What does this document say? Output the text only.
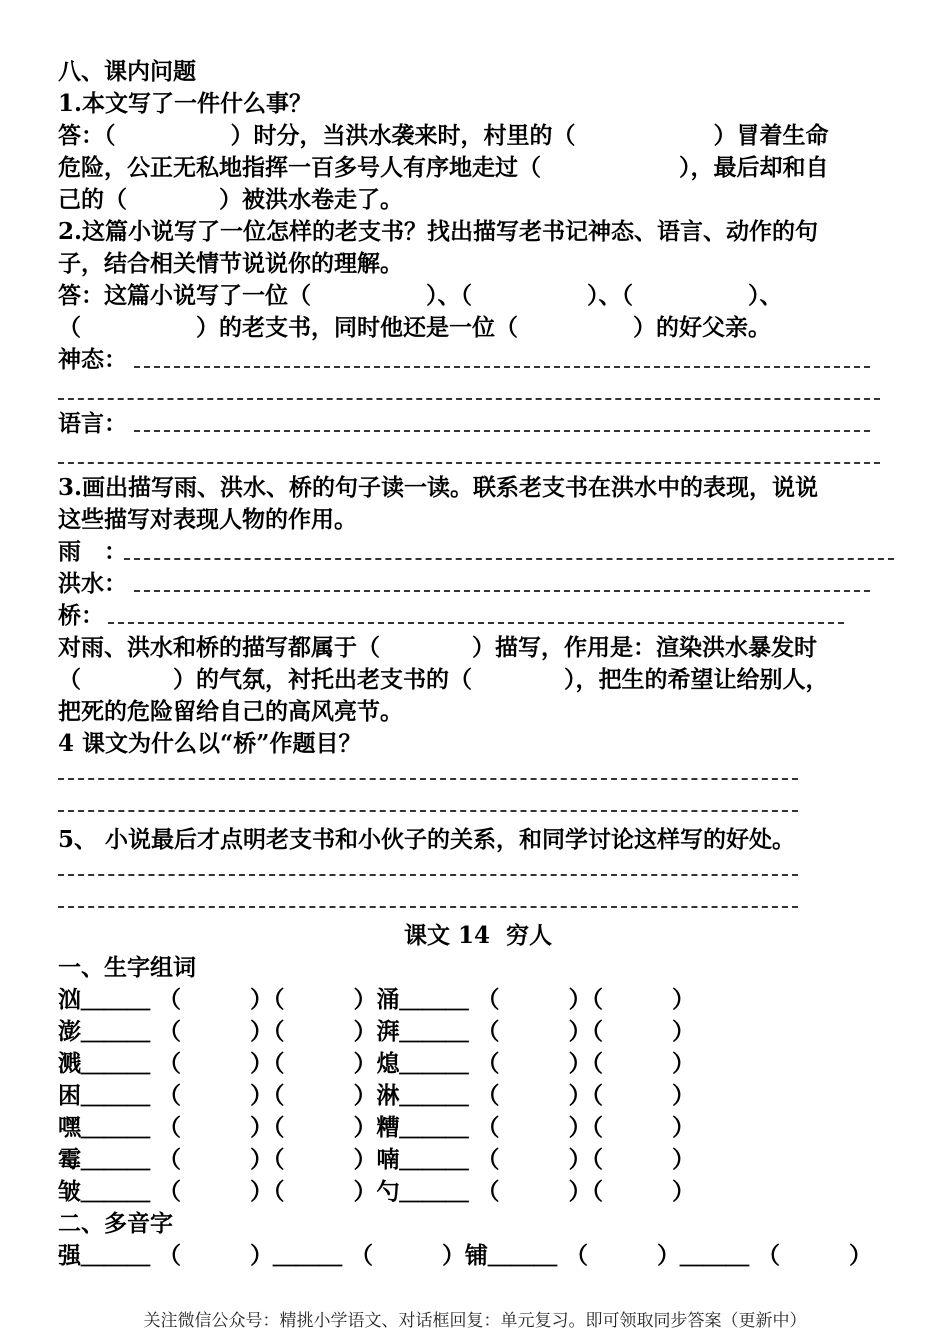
八、课内问题
1.本文写了一件什么事？
答：（　　　　　）时分，当洪水袭来时，村里的（　　　　　　）冒着生命
危险，公正无私地指挥一百多号人有序地走过（　　　　　　），最后却和自
己的（　　　　）被洪水卷走了。
2.这篇小说写了一位怎样的老支书？找出描写老书记神态、语言、动作的句
子，结合相关情节说说你的理解。
答：这篇小说写了一位（　　　　　）、（　　　　　）、（　　　　　）、
（　　　　　）的老支书，同时他还是一位（　　　　　）的好父亲。
神态：
语言：
3.画出描写雨、洪水、桥的句子读一读。联系老支书在洪水中的表现，说说
这些描写对表现人物的作用。
雨　：
洪水：
桥：
对雨、洪水和桥的描写都属于（　　　　）描写，作用是：渲染洪水暴发时
（　　　　）的气氛，衬托出老支书的（　　　　），把生的希望让给别人，
把死的危险留给自己的高风亮节。
4 课文为什么以“桥”作题目？
5、 小说最后才点明老支书和小伙子的关系，和同学讨论这样写的好处。
课文 14  穷人
一、生字组词
汹＿＿＿ （　　　）（　　　）涌＿＿＿ （　　　）（　　　）
澎＿＿＿ （　　　）（　　　）湃＿＿＿ （　　　）（　　　）
溅＿＿＿ （　　　）（　　　）熄＿＿＿ （　　　）（　　　）
困＿＿＿ （　　　）（　　　）淋＿＿＿ （　　　）（　　　）
嘿＿＿＿ （　　　）（　　　）糟＿＿＿ （　　　）（　　　）
霉＿＿＿ （　　　）（　　　）喃＿＿＿ （　　　）（　　　）
皱＿＿＿ （　　　）（　　　）勺＿＿＿ （　　　）（　　　）
二、多音字
强＿＿＿ （　　　）＿＿＿ （　　　）铺＿＿＿ （　　　）＿＿＿ （　　　）
关注微信公众号：精挑小学语文、对话框回复：单元复习。即可领取同步答案（更新中）
